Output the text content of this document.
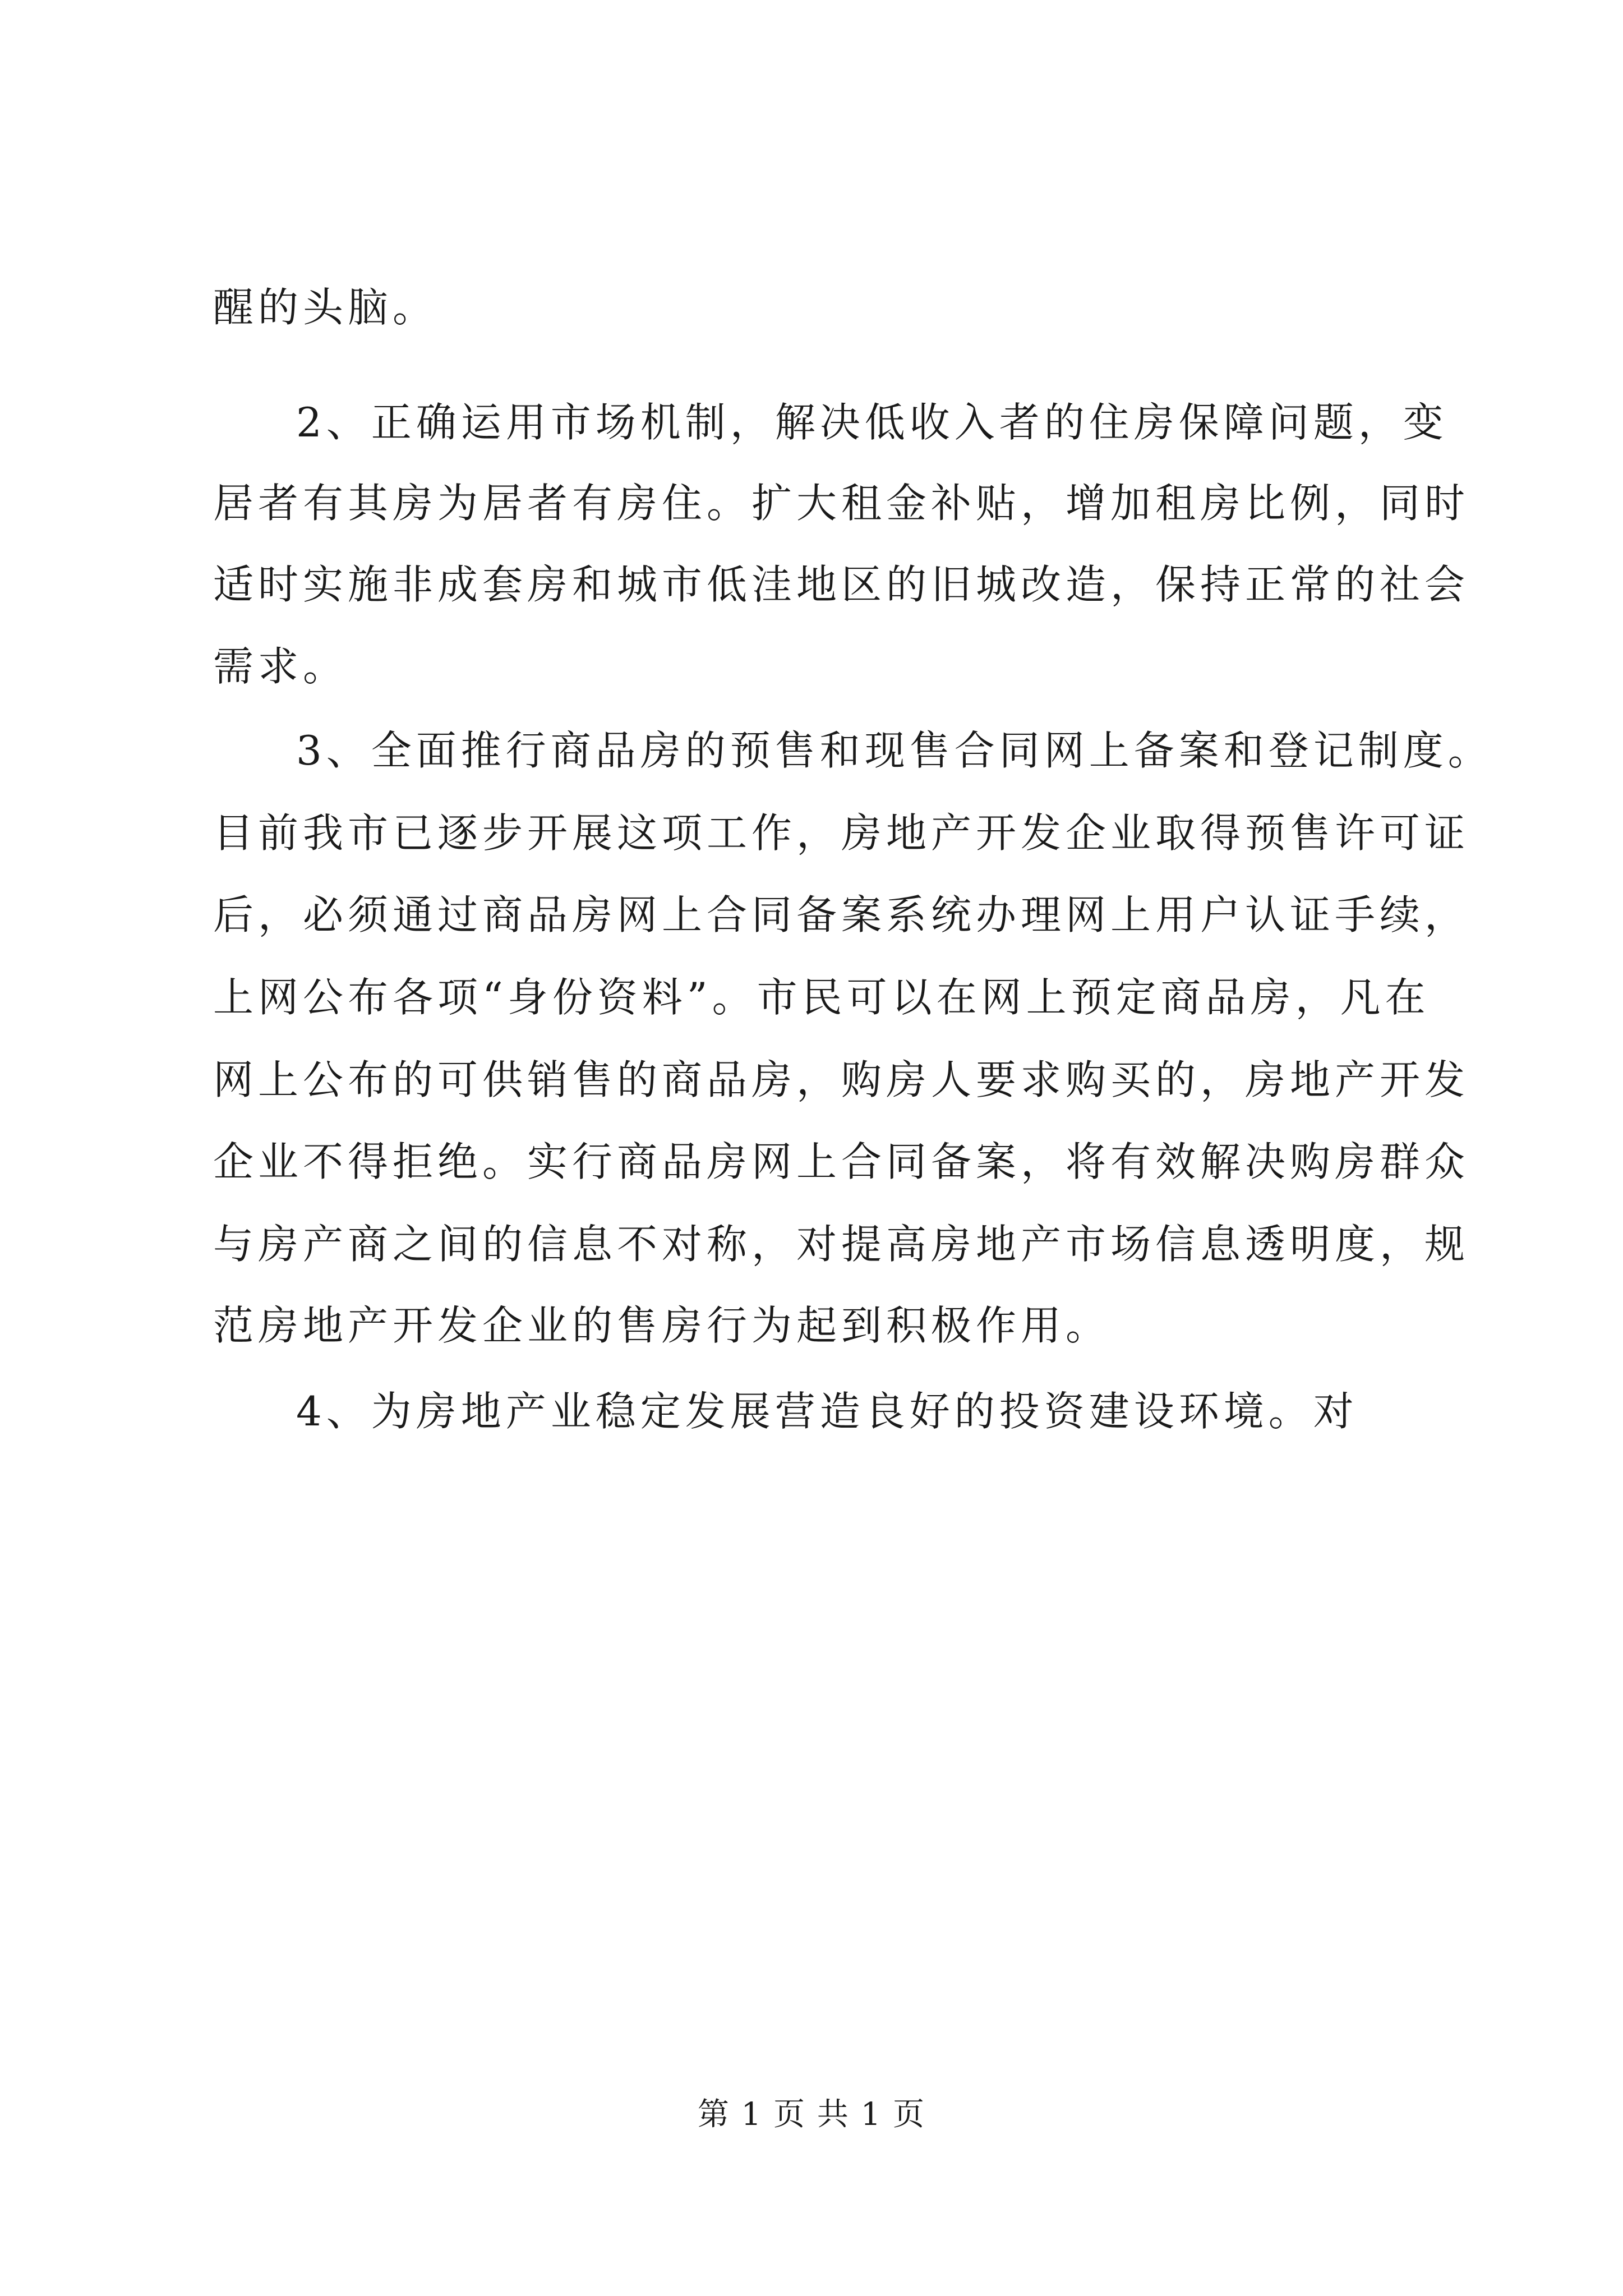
醒的头脑。
2、正确运用市场机制，解决低收入者的住房保障问题，变
居者有其房为居者有房住。扩大租金补贴，增加租房比例，同时
适时实施非成套房和城市低洼地区的旧城改造，保持正常的社会
需求。
3、全面推行商品房的预售和现售合同网上备案和登记制度。
目前我市已逐步开展这项工作，房地产开发企业取得预售许可证
后，必须通过商品房网上合同备案系统办理网上用户认证手续，
上网公布各项“身份资料”。市民可以在网上预定商品房，凡在
网上公布的可供销售的商品房，购房人要求购买的，房地产开发
企业不得拒绝。实行商品房网上合同备案，将有效解决购房群众
与房产商之间的信息不对称，对提高房地产市场信息透明度，规
范房地产开发企业的售房行为起到积极作用。
4、为房地产业稳定发展营造良好的投资建设环境。对
第 1 页 共 1 页
